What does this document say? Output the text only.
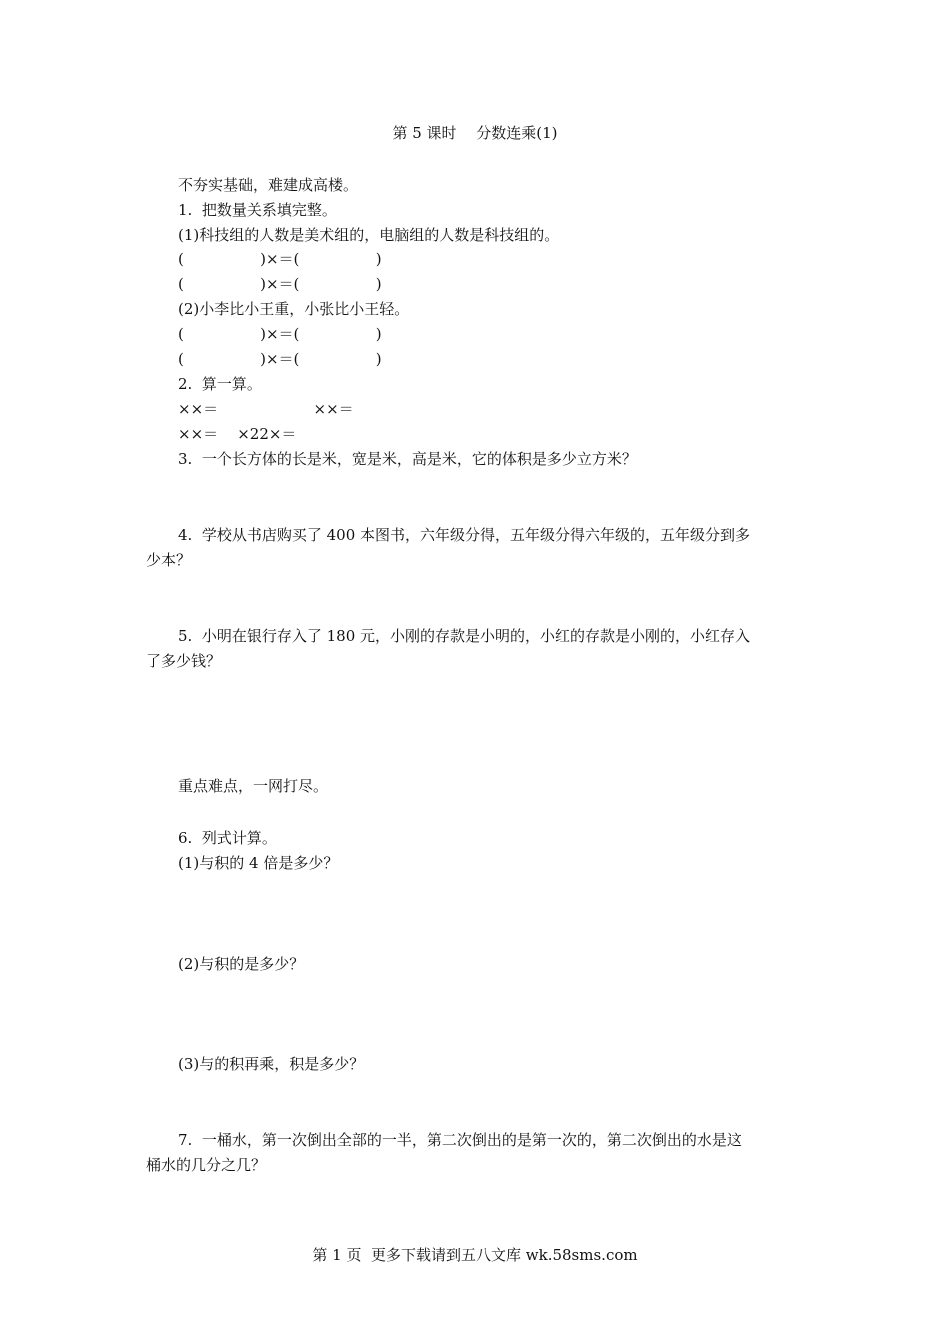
第 5 课时　 分数连乘(1)
不夯实基础，难建成高楼。
1.  把数量关系填完整。
(1)科技组的人数是美术组的，电脑组的人数是科技组的。
(                )×＝(                )
(                )×＝(                )
(2)小李比小王重，小张比小王轻。
(                )×＝(                )
(                )×＝(                )
2.  算一算。
××＝                    ××＝
××＝    ×22×＝
3.  一个长方体的长是米，宽是米，高是米，它的体积是多少立方米？
4.  学校从书店购买了 400 本图书，六年级分得，五年级分得六年级的，五年级分到多
少本？
5.  小明在银行存入了 180 元，小刚的存款是小明的，小红的存款是小刚的，小红存入
了多少钱？
重点难点，一网打尽。
6.  列式计算。
(1)与积的 4 倍是多少？
(2)与积的是多少？
(3)与的积再乘，积是多少？
7.  一桶水，第一次倒出全部的一半，第二次倒出的是第一次的，第二次倒出的水是这
桶水的几分之几？
第 1 页  更多下载请到五八文库 wk.58sms.com
